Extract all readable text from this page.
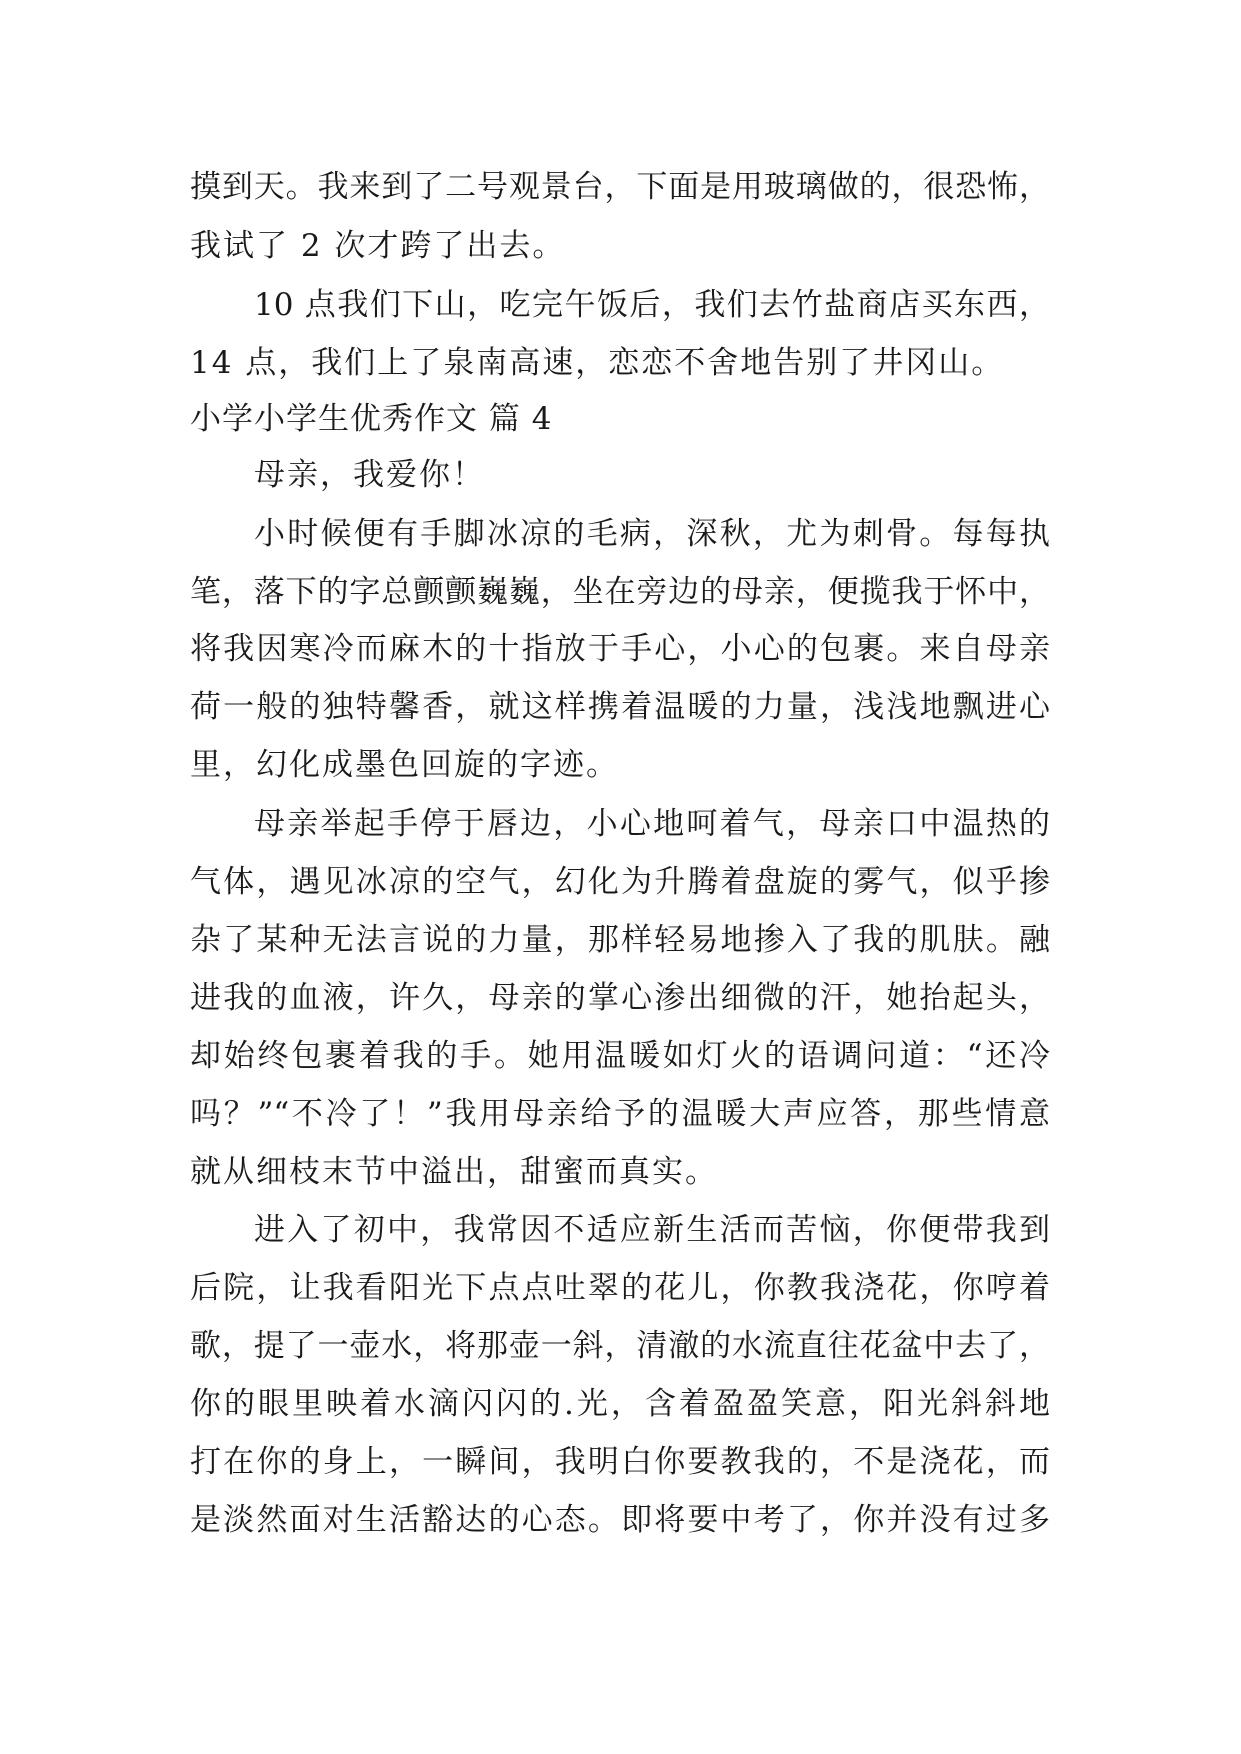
摸到天。我来到了二号观景台，下面是用玻璃做的，很恐怖，
我试了 2 次才跨了出去。
10 点我们下山，吃完午饭后，我们去竹盐商店买东西，
14 点，我们上了泉南高速，恋恋不舍地告别了井冈山。
小学小学生优秀作文 篇 4
母亲，我爱你！
小时候便有手脚冰凉的毛病，深秋，尤为刺骨。每每执
笔，落下的字总颤颤巍巍，坐在旁边的母亲，便揽我于怀中，
将我因寒冷而麻木的十指放于手心，小心的包裹。来自母亲
荷一般的独特馨香，就这样携着温暖的力量，浅浅地飘进心
里，幻化成墨色回旋的字迹。
母亲举起手停于唇边，小心地呵着气，母亲口中温热的
气体，遇见冰凉的空气，幻化为升腾着盘旋的雾气，似乎掺
杂了某种无法言说的力量，那样轻易地掺入了我的肌肤。融
进我的血液，许久，母亲的掌心渗出细微的汗，她抬起头，
却始终包裹着我的手。她用温暖如灯火的语调问道：“还冷
吗？”“不冷了！”我用母亲给予的温暖大声应答，那些情意
就从细枝末节中溢出，甜蜜而真实。
进入了初中，我常因不适应新生活而苦恼，你便带我到
后院，让我看阳光下点点吐翠的花儿，你教我浇花，你哼着
歌，提了一壶水，将那壶一斜，清澈的水流直往花盆中去了，
你的眼里映着水滴闪闪的.光，含着盈盈笑意，阳光斜斜地
打在你的身上，一瞬间，我明白你要教我的，不是浇花，而
是淡然面对生活豁达的心态。即将要中考了，你并没有过多
